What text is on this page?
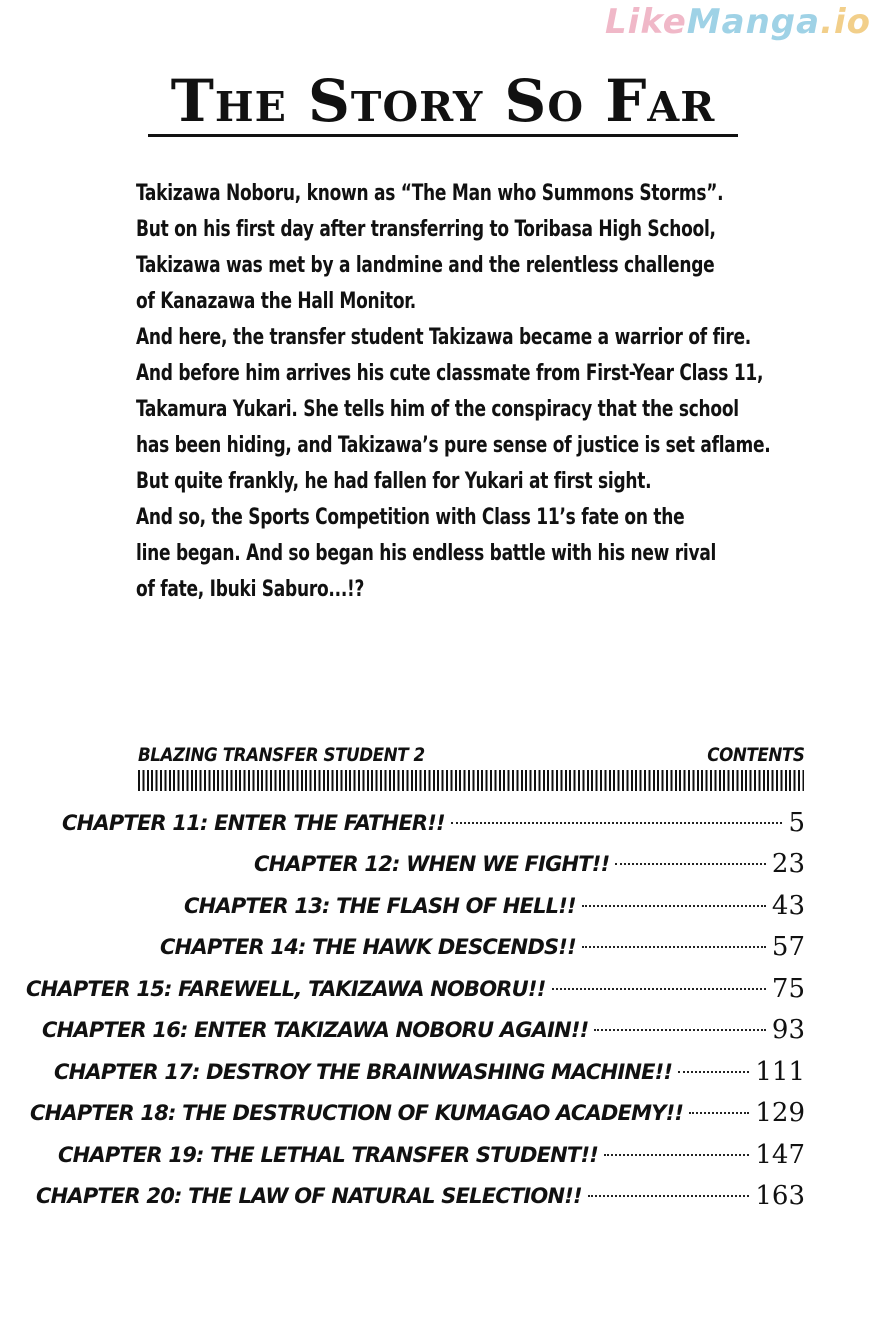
LikeManga.io
The Story So Far
Takizawa Noboru, known as “The Man who Summons Storms”.
But on his first day after transferring to Toribasa High School,
Takizawa was met by a landmine and the relentless challenge
of Kanazawa the Hall Monitor.
And here, the transfer student Takizawa became a warrior of fire.
And before him arrives his cute classmate from First-Year Class 11,
Takamura Yukari. She tells him of the conspiracy that the school
has been hiding, and Takizawa’s pure sense of justice is set aflame.
But quite frankly, he had fallen for Yukari at first sight.
And so, the Sports Competition with Class 11’s fate on the
line began. And so began his endless battle with his new rival
of fate, Ibuki Saburo...!?
BLAZING TRANSFER STUDENT 2	CONTENTS
CHAPTER 11: ENTER THE FATHER!!	5
CHAPTER 12: WHEN WE FIGHT!!	23
CHAPTER 13: THE FLASH OF HELL!!	43
CHAPTER 14: THE HAWK DESCENDS!!	57
CHAPTER 15: FAREWELL, TAKIZAWA NOBORU!!	75
CHAPTER 16: ENTER TAKIZAWA NOBORU AGAIN!!	93
CHAPTER 17: DESTROY THE BRAINWASHING MACHINE!!	111
CHAPTER 18: THE DESTRUCTION OF KUMAGAO ACADEMY!!	129
CHAPTER 19: THE LETHAL TRANSFER STUDENT!!	147
CHAPTER 20: THE LAW OF NATURAL SELECTION!!	163
